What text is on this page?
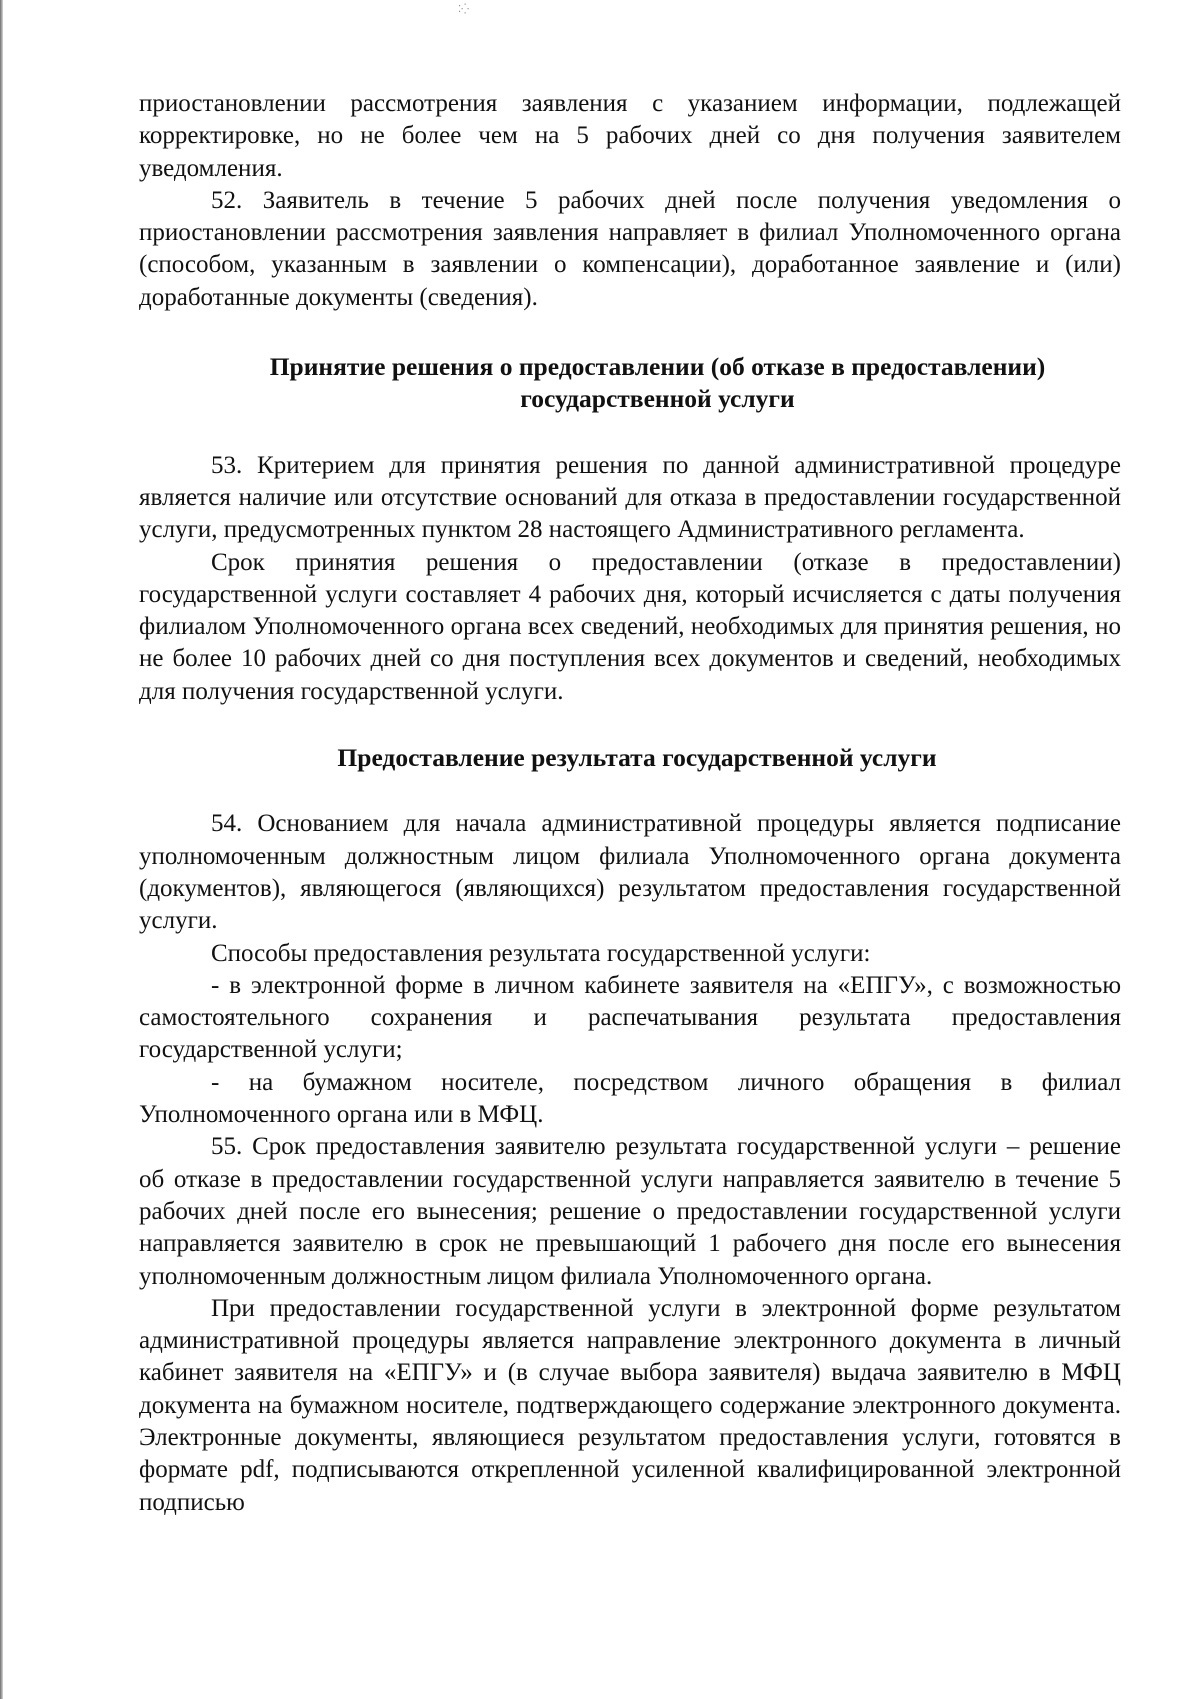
⁚⁛

приостановлении рассмотрения заявления с указанием информации, подлежащей корректировке, но не более чем на 5 рабочих дней со дня получения заявителем уведомления.

52. Заявитель в течение 5 рабочих дней после получения уведомления о приостановлении рассмотрения заявления направляет в филиал Уполномоченного органа (способом, указанным в заявлении о компенсации), доработанное заявление и (или) доработанные документы (сведения).

Принятие решения о предоставлении (об отказе в предоставлении) государственной услуги

53. Критерием для принятия решения по данной административной процедуре является наличие или отсутствие оснований для отказа в предоставлении государственной услуги, предусмотренных пунктом 28 настоящего Административного регламента.

Срок принятия решения о предоставлении (отказе в предоставлении) государственной услуги составляет 4 рабочих дня, который исчисляется с даты получения филиалом Уполномоченного органа всех сведений, необходимых для принятия решения, но не более 10 рабочих дней со дня поступления всех документов и сведений, необходимых для получения государственной услуги.

Предоставление результата государственной услуги

54. Основанием для начала административной процедуры является подписание уполномоченным должностным лицом филиала Уполномоченного органа документа (документов), являющегося (являющихся) результатом предоставления государственной услуги.

Способы предоставления результата государственной услуги:

- в электронной форме в личном кабинете заявителя на «ЕПГУ», с возможностью самостоятельного сохранения и распечатывания результата предоставления государственной услуги;

- на бумажном носителе, посредством личного обращения в филиал Уполномоченного органа или в МФЦ.

55. Срок предоставления заявителю результата государственной услуги – решение об отказе в предоставлении государственной услуги направляется заявителю в течение 5 рабочих дней после его вынесения; решение о предоставлении государственной услуги направляется заявителю в срок не превышающий 1 рабочего дня после его вынесения уполномоченным должностным лицом филиала Уполномоченного органа.

При предоставлении государственной услуги в электронной форме результатом административной процедуры является направление электронного документа в личный кабинет заявителя на «ЕПГУ» и (в случае выбора заявителя) выдача заявителю в МФЦ документа на бумажном носителе, подтверждающего содержание электронного документа. Электронные документы, являющиеся результатом предоставления услуги, готовятся в формате pdf, подписываются открепленной усиленной квалифицированной электронной подписью
